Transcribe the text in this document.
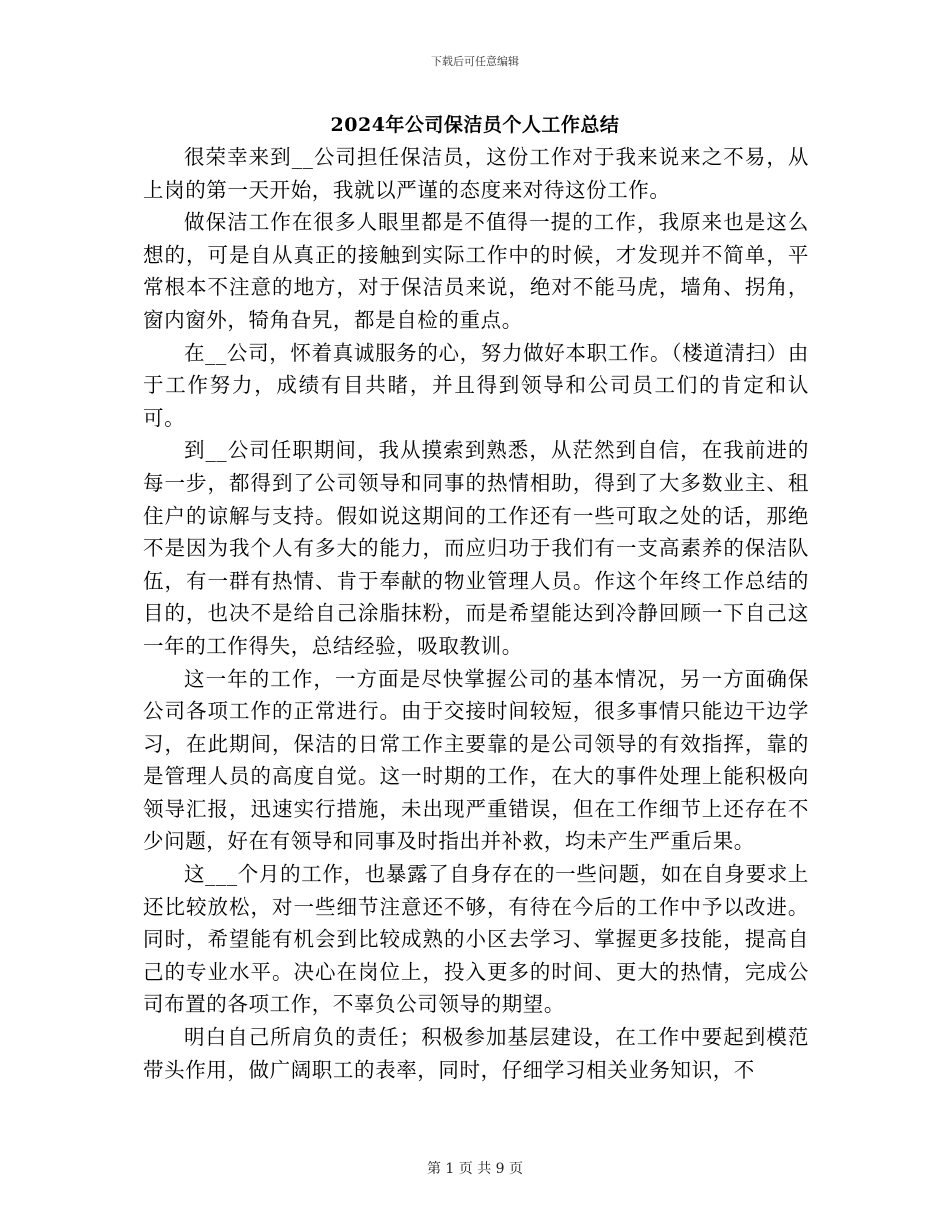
下载后可任意编辑
2024年公司保洁员个人工作总结

很荣幸来到__公司担任保洁员，这份工作对于我来说来之不易，从上岗的第一天开始，我就以严谨的态度来对待这份工作。

做保洁工作在很多人眼里都是不值得一提的工作，我原来也是这么想的，可是自从真正的接触到实际工作中的时候，才发现并不简单，平常根本不注意的地方，对于保洁员来说，绝对不能马虎，墙角、拐角，窗内窗外，犄角旮旯，都是自检的重点。

在__公司，怀着真诚服务的心，努力做好本职工作。（楼道清扫）由于工作努力，成绩有目共睹，并且得到领导和公司员工们的肯定和认可。

到__公司任职期间，我从摸索到熟悉，从茫然到自信，在我前进的每一步，都得到了公司领导和同事的热情相助，得到了大多数业主、租住户的谅解与支持。假如说这期间的工作还有一些可取之处的话，那绝不是因为我个人有多大的能力，而应归功于我们有一支高素养的保洁队伍，有一群有热情、肯于奉献的物业管理人员。作这个年终工作总结的目的，也决不是给自己涂脂抹粉，而是希望能达到冷静回顾一下自己这一年的工作得失，总结经验，吸取教训。

这一年的工作，一方面是尽快掌握公司的基本情况，另一方面确保公司各项工作的正常进行。由于交接时间较短，很多事情只能边干边学习，在此期间，保洁的日常工作主要靠的是公司领导的有效指挥，靠的是管理人员的高度自觉。这一时期的工作，在大的事件处理上能积极向领导汇报，迅速实行措施，未出现严重错误，但在工作细节上还存在不少问题，好在有领导和同事及时指出并补救，均未产生严重后果。

这___个月的工作，也暴露了自身存在的一些问题，如在自身要求上还比较放松，对一些细节注意还不够，有待在今后的工作中予以改进。同时，希望能有机会到比较成熟的小区去学习、掌握更多技能，提高自己的专业水平。决心在岗位上，投入更多的时间、更大的热情，完成公司布置的各项工作，不辜负公司领导的期望。

明白自己所肩负的责任；积极参加基层建设，在工作中要起到模范带头作用，做广阔职工的表率，同时，仔细学习相关业务知识，不

第 1 页 共 9 页
